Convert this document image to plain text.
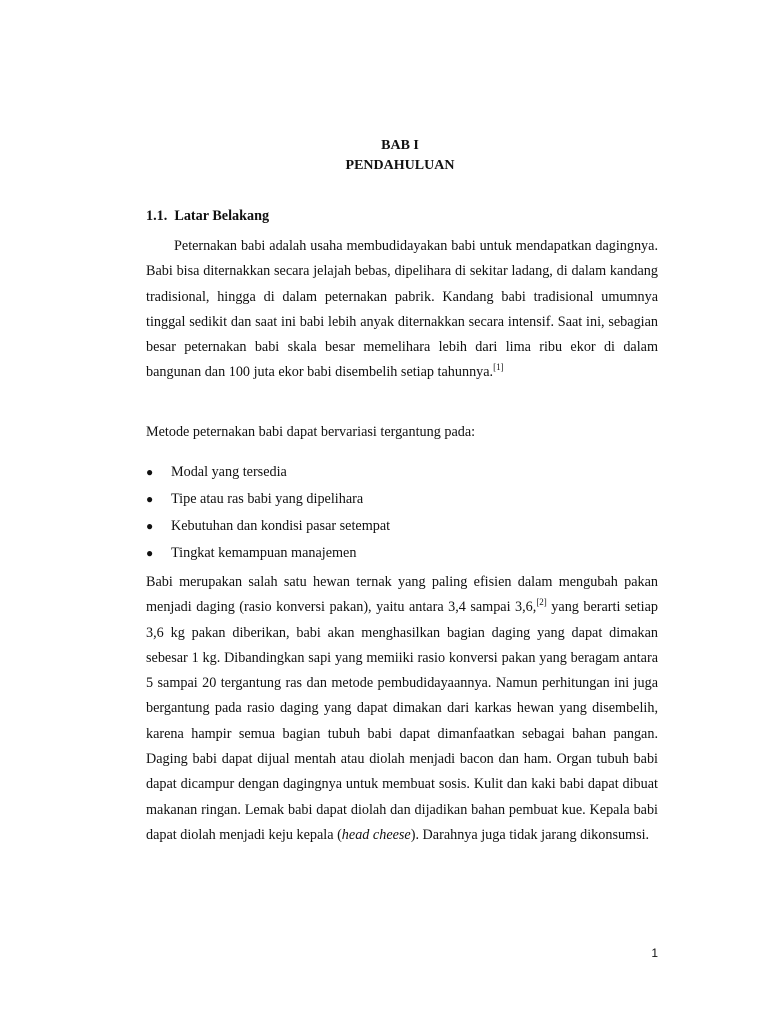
BAB I
PENDAHULUAN
1.1. Latar Belakang

Peternakan babi adalah usaha membudidayakan babi untuk mendapatkan dagingnya. Babi bisa diternakkan secara jelajah bebas, dipelihara di sekitar ladang, di dalam kandang tradisional, hingga di dalam peternakan pabrik. Kandang babi tradisional umumnya tinggal sedikit dan saat ini babi lebih anyak diternakkan secara intensif. Saat ini, sebagian besar peternakan babi skala besar memelihara lebih dari lima ribu ekor di dalam bangunan dan 100 juta ekor babi disembelih setiap tahunnya.[1]

Metode peternakan babi dapat bervariasi tergantung pada:

● Modal yang tersedia
● Tipe atau ras babi yang dipelihara
● Kebutuhan dan kondisi pasar setempat
● Tingkat kemampuan manajemen

Babi merupakan salah satu hewan ternak yang paling efisien dalam mengubah pakan menjadi daging (rasio konversi pakan), yaitu antara 3,4 sampai 3,6,[2] yang berarti setiap 3,6 kg pakan diberikan, babi akan menghasilkan bagian daging yang dapat dimakan sebesar 1 kg. Dibandingkan sapi yang memiiki rasio konversi pakan yang beragam antara 5 sampai 20 tergantung ras dan metode pembudidayaannya. Namun perhitungan ini juga bergantung pada rasio daging yang dapat dimakan dari karkas hewan yang disembelih, karena hampir semua bagian tubuh babi dapat dimanfaatkan sebagai bahan pangan. Daging babi dapat dijual mentah atau diolah menjadi bacon dan ham. Organ tubuh babi dapat dicampur dengan dagingnya untuk membuat sosis. Kulit dan kaki babi dapat dibuat makanan ringan. Lemak babi dapat diolah dan dijadikan bahan pembuat kue. Kepala babi dapat diolah menjadi keju kepala (head cheese). Darahnya juga tidak jarang dikonsumsi.

1
